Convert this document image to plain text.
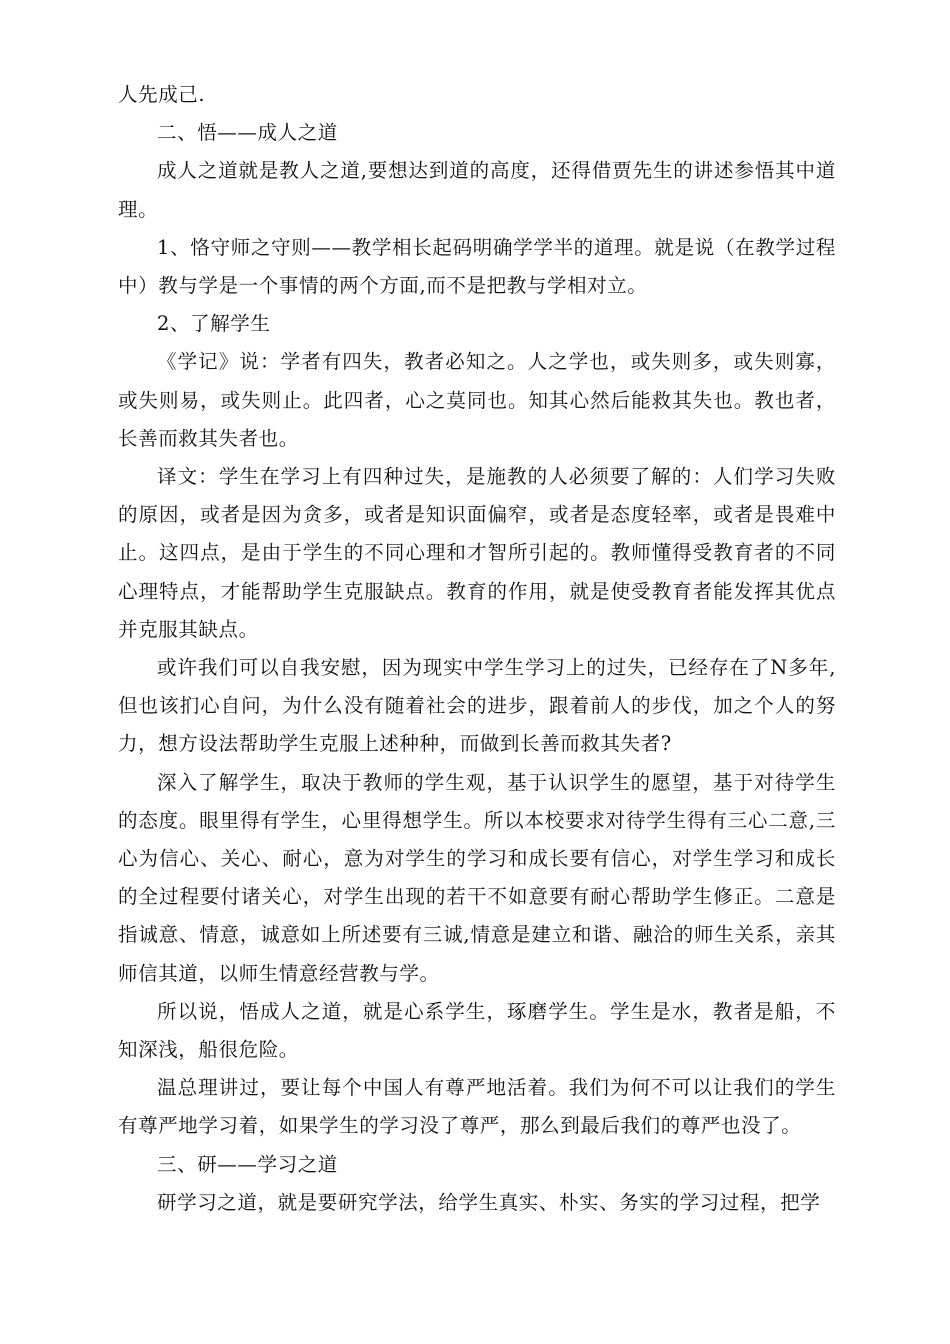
人先成己.

二、悟——成人之道

成人之道就是教人之道,要想达到道的高度，还得借贾先生的讲述参悟其中道理。

1、恪守师之守则——教学相长起码明确学学半的道理。就是说（在教学过程中）教与学是一个事情的两个方面,而不是把教与学相对立。

2、了解学生

《学记》说：学者有四失，教者必知之。人之学也，或失则多，或失则寡，或失则易，或失则止。此四者，心之莫同也。知其心然后能救其失也。教也者，长善而救其失者也。

译文：学生在学习上有四种过失，是施教的人必须要了解的：人们学习失败的原因，或者是因为贪多，或者是知识面偏窄，或者是态度轻率，或者是畏难中止。这四点，是由于学生的不同心理和才智所引起的。教师懂得受教育者的不同心理特点，才能帮助学生克服缺点。教育的作用，就是使受教育者能发挥其优点并克服其缺点。

或许我们可以自我安慰，因为现实中学生学习上的过失，已经存在了N多年,但也该扪心自问，为什么没有随着社会的进步，跟着前人的步伐，加之个人的努力，想方设法帮助学生克服上述种种，而做到长善而救其失者?

深入了解学生，取决于教师的学生观，基于认识学生的愿望，基于对待学生的态度。眼里得有学生，心里得想学生。所以本校要求对待学生得有三心二意,三心为信心、关心、耐心，意为对学生的学习和成长要有信心，对学生学习和成长的全过程要付诸关心，对学生出现的若干不如意要有耐心帮助学生修正。二意是指诚意、情意，诚意如上所述要有三诚,情意是建立和谐、融洽的师生关系，亲其师信其道，以师生情意经营教与学。

所以说，悟成人之道，就是心系学生，琢磨学生。学生是水，教者是船，不知深浅，船很危险。

温总理讲过，要让每个中国人有尊严地活着。我们为何不可以让我们的学生有尊严地学习着，如果学生的学习没了尊严，那么到最后我们的尊严也没了。

三、研——学习之道

研学习之道，就是要研究学法，给学生真实、朴实、务实的学习过程，把学
